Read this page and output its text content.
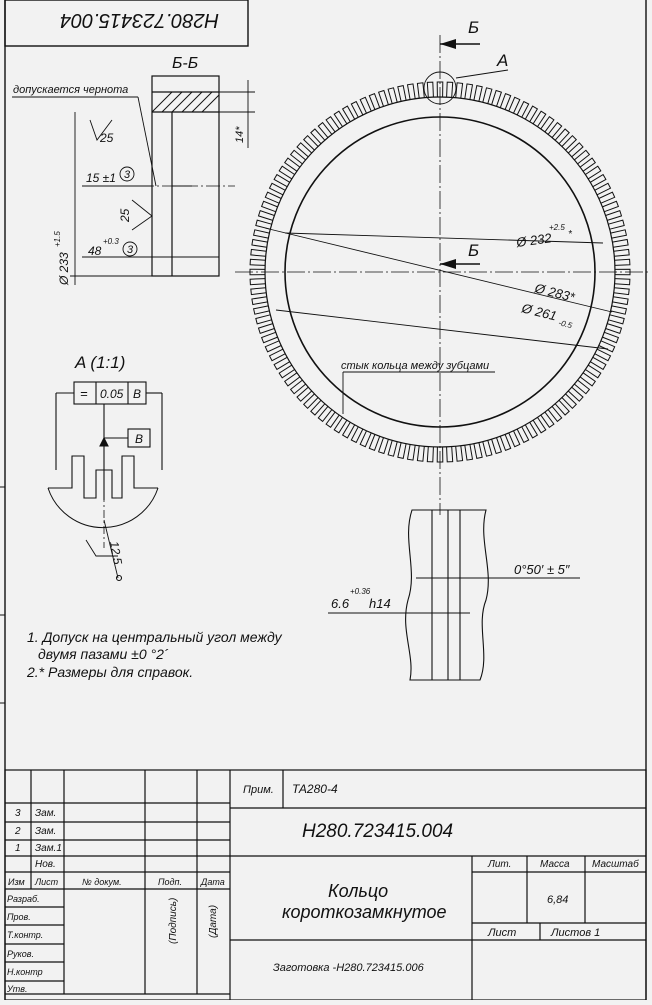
Б-Б
допускается чернота
25
25
15 ±1 3
48
+0.3
3
Ø 233
+1.5
14*
Б
Б
A
Ø 232
+2.5
*
Ø 283*
Ø 261
-0.5
стык кольца между зубцами
A (1:1)
= 0.05 B
B
12.5
0°50′ ± 5″
6.6
+0.36
h14
1. Допуск на центральный угол между
двумя пазами ±0 °2´
2.* Размеры для справок.
Прим. ТА280-4
Н280.723415.004
Кольцо
короткозамкнутое
Заготовка -Н280.723415.006
Лит.	Масса Масштаб
6,84
Лист	Листов 1
3 Зам.
2 Зам.
1 Зам.1
Нов.
Изм Лист	№ докум.	Подп. Дата
(Подпись)	(Дата)
Разраб.
Пров.
Т.контр.
Руков.
Н.контр
Утв.
H280.723415.004
